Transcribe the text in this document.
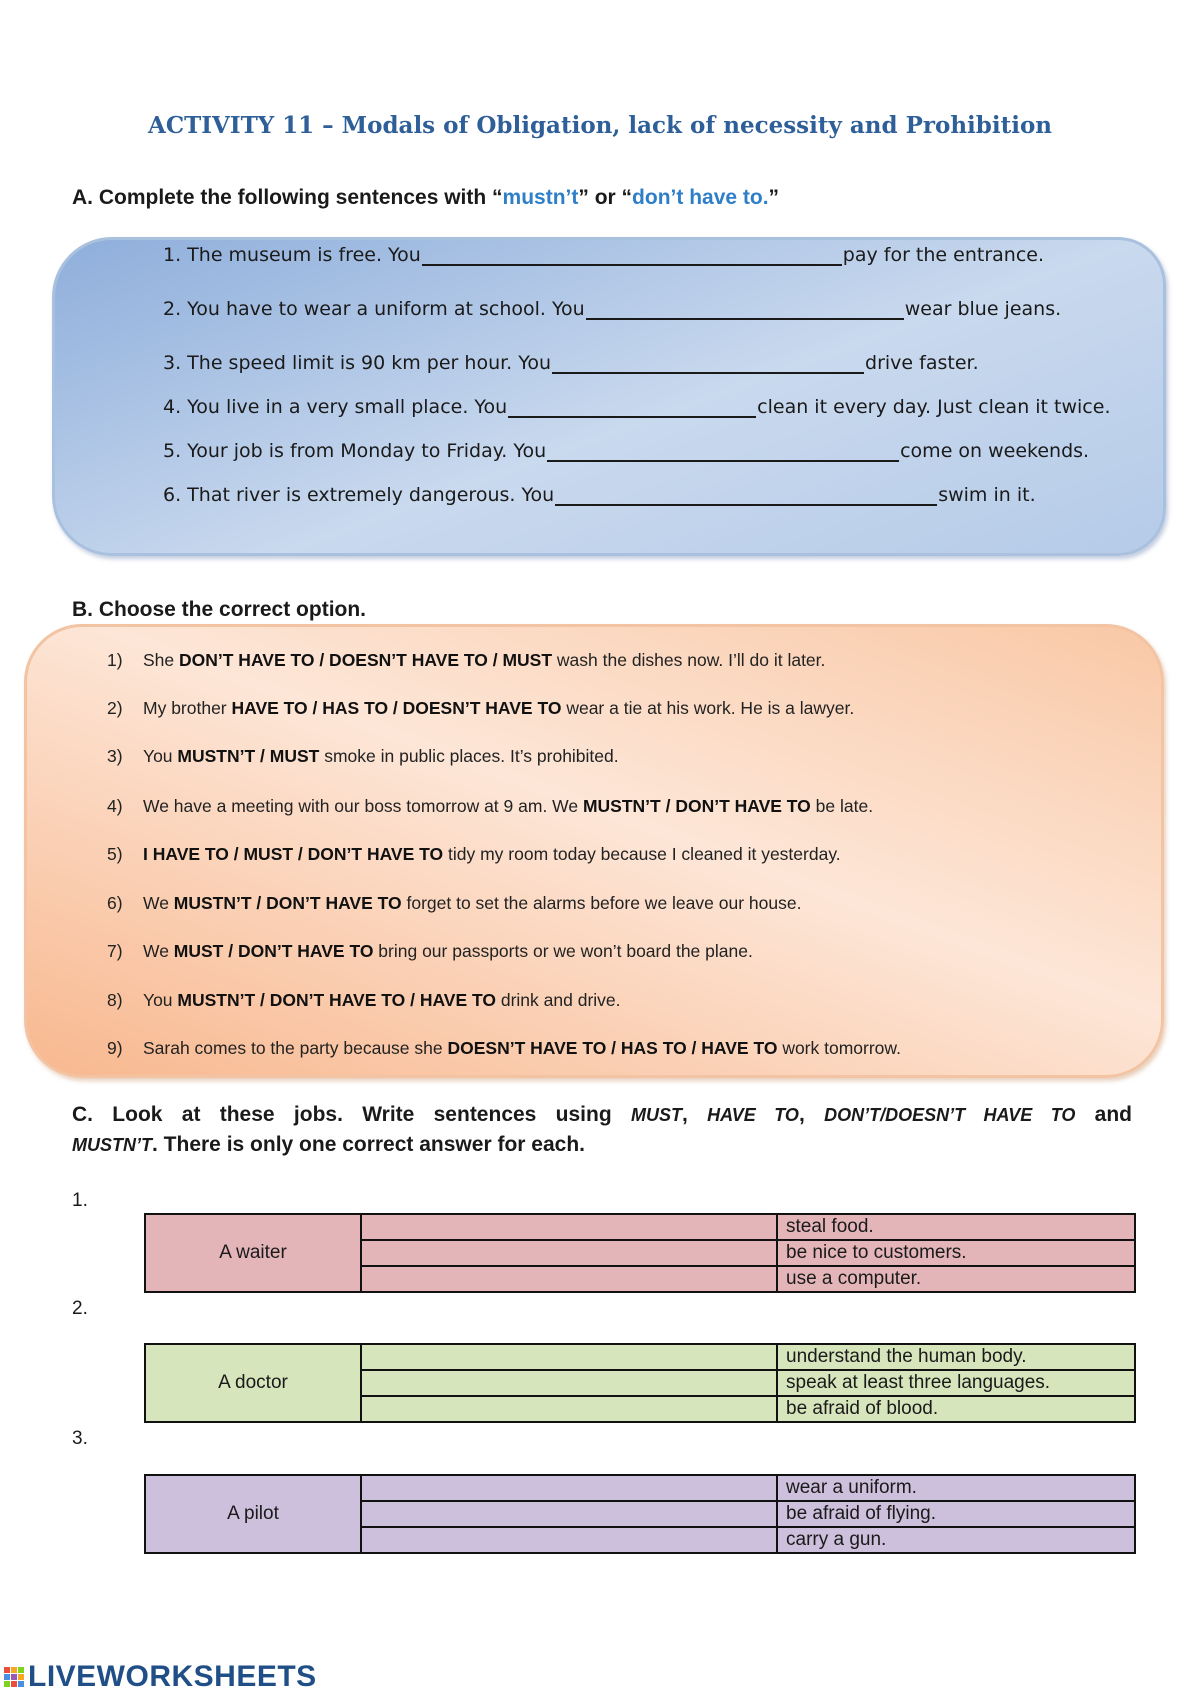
ACTIVITY 11 – Modals of Obligation, lack of necessity and Prohibition
A. Complete the following sentences with “mustn’t” or “don’t have to.”
1. The museum is free. You	pay for the entrance.
2. You have to wear a uniform at school. You	wear blue jeans.
3. The speed limit is 90 km per hour. You	drive faster.
4. You live in a very small place. You	clean it every day. Just clean it twice.
5. Your job is from Monday to Friday. You	come on weekends.
6. That river is extremely dangerous. You	swim in it.
B. Choose the correct option.
1) She DON’T HAVE TO / DOESN’T HAVE TO / MUST wash the dishes now. I’ll do it later.
2) My brother HAVE TO / HAS TO / DOESN’T HAVE TO wear a tie at his work. He is a lawyer.
3) You MUSTN’T / MUST smoke in public places. It’s prohibited.
4) We have a meeting with our boss tomorrow at 9 am. We MUSTN’T / DON’T HAVE TO be late.
5) I HAVE TO / MUST / DON’T HAVE TO tidy my room today because I cleaned it yesterday.
6) We MUSTN’T / DON’T HAVE TO forget to set the alarms before we leave our house.
7) We MUST / DON’T HAVE TO bring our passports or we won’t board the plane.
8) You MUSTN’T / DON’T HAVE TO / HAVE TO drink and drive.
9) Sarah comes to the party because she DOESN’T HAVE TO / HAS TO / HAVE TO work tomorrow.
C. Look at these jobs. Write sentences using MUST, HAVE TO, DON’T/DOESN’T HAVE TO and
MUSTN’T. There is only one correct answer for each.
1.
A waiter		steal food.
		be nice to customers.
		use a computer.
2.
A doctor		understand the human body.
		speak at least three languages.
		be afraid of blood.
3.
A pilot		wear a uniform.
		be afraid of flying.
		carry a gun.
LIVEWORKSHEETS
